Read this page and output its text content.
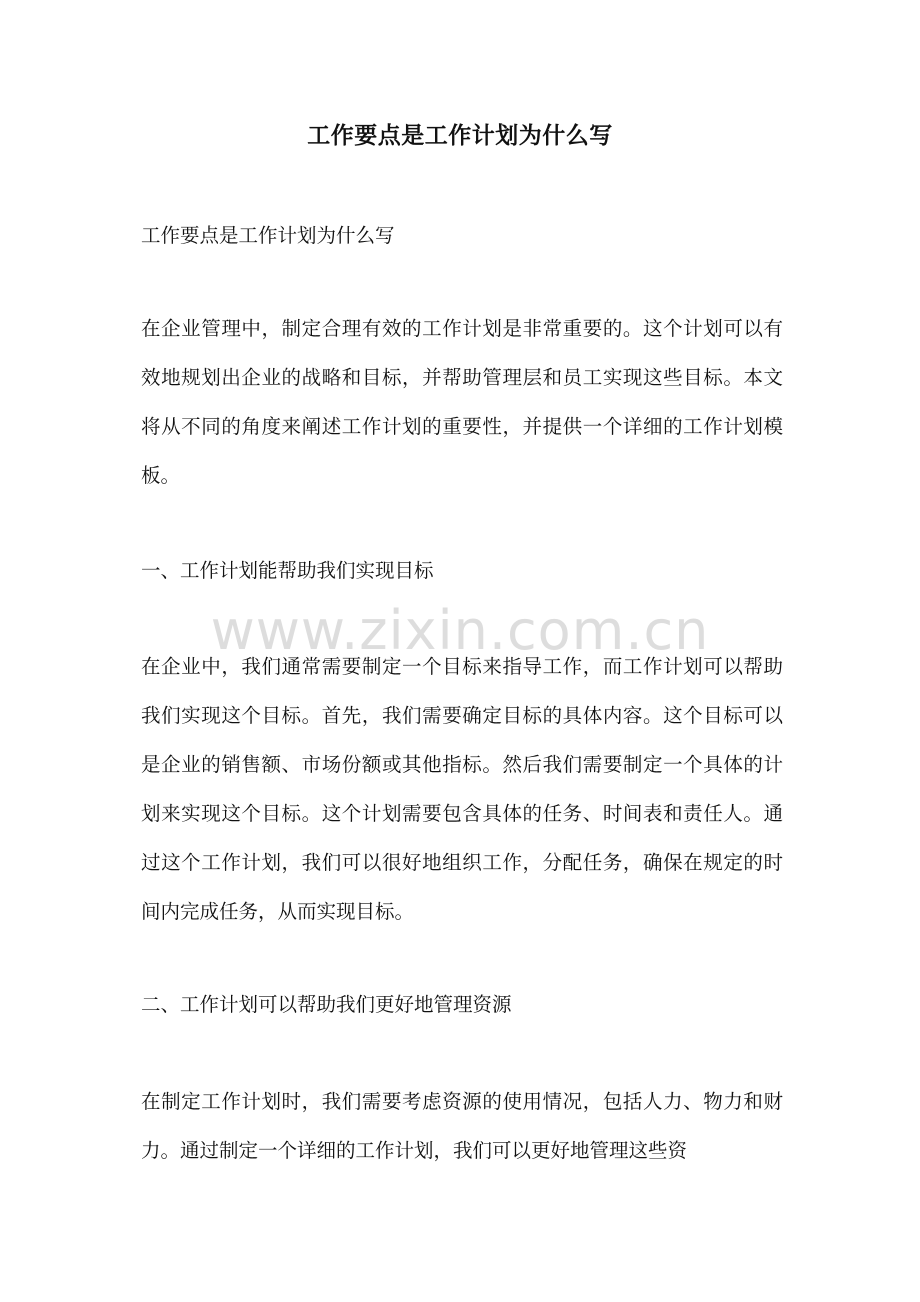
工作要点是工作计划为什么写

工作要点是工作计划为什么写

在企业管理中，制定合理有效的工作计划是非常重要的。这个计划可以有效地规划出企业的战略和目标，并帮助管理层和员工实现这些目标。本文将从不同的角度来阐述工作计划的重要性，并提供一个详细的工作计划模板。

一、工作计划能帮助我们实现目标

在企业中，我们通常需要制定一个目标来指导工作，而工作计划可以帮助我们实现这个目标。首先，我们需要确定目标的具体内容。这个目标可以是企业的销售额、市场份额或其他指标。然后我们需要制定一个具体的计划来实现这个目标。这个计划需要包含具体的任务、时间表和责任人。通过这个工作计划，我们可以很好地组织工作，分配任务，确保在规定的时间内完成任务，从而实现目标。

二、工作计划可以帮助我们更好地管理资源

在制定工作计划时，我们需要考虑资源的使用情况，包括人力、物力和财力。通过制定一个详细的工作计划，我们可以更好地管理这些资

www.zixin.com.cn
